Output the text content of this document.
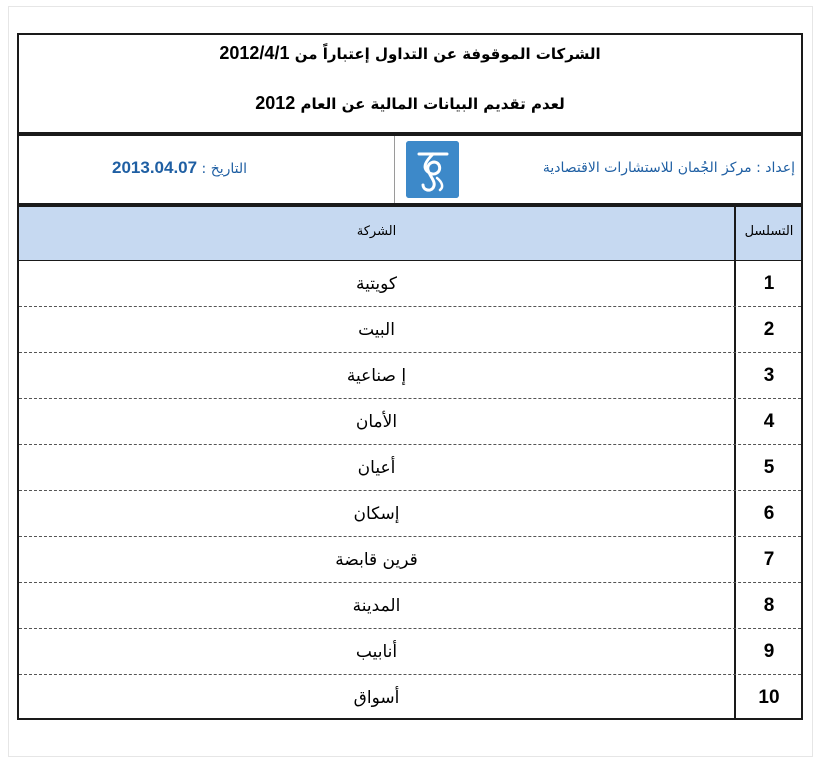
الشركات الموقوفة عن التداول إعتباراً من 2012/4/1
لعدم تقديم البيانات المالية عن العام 2012
إعداد : مركز الجُمان للاستشارات الاقتصادية
التاريخ : 2013.04.07
التسلسل
الشركة
1
كويتية
2
البيت
3
إ صناعية
4
الأمان
5
أعيان
6
إسكان
7
قرين قابضة
8
المدينة
9
أنابيب
10
أسواق
